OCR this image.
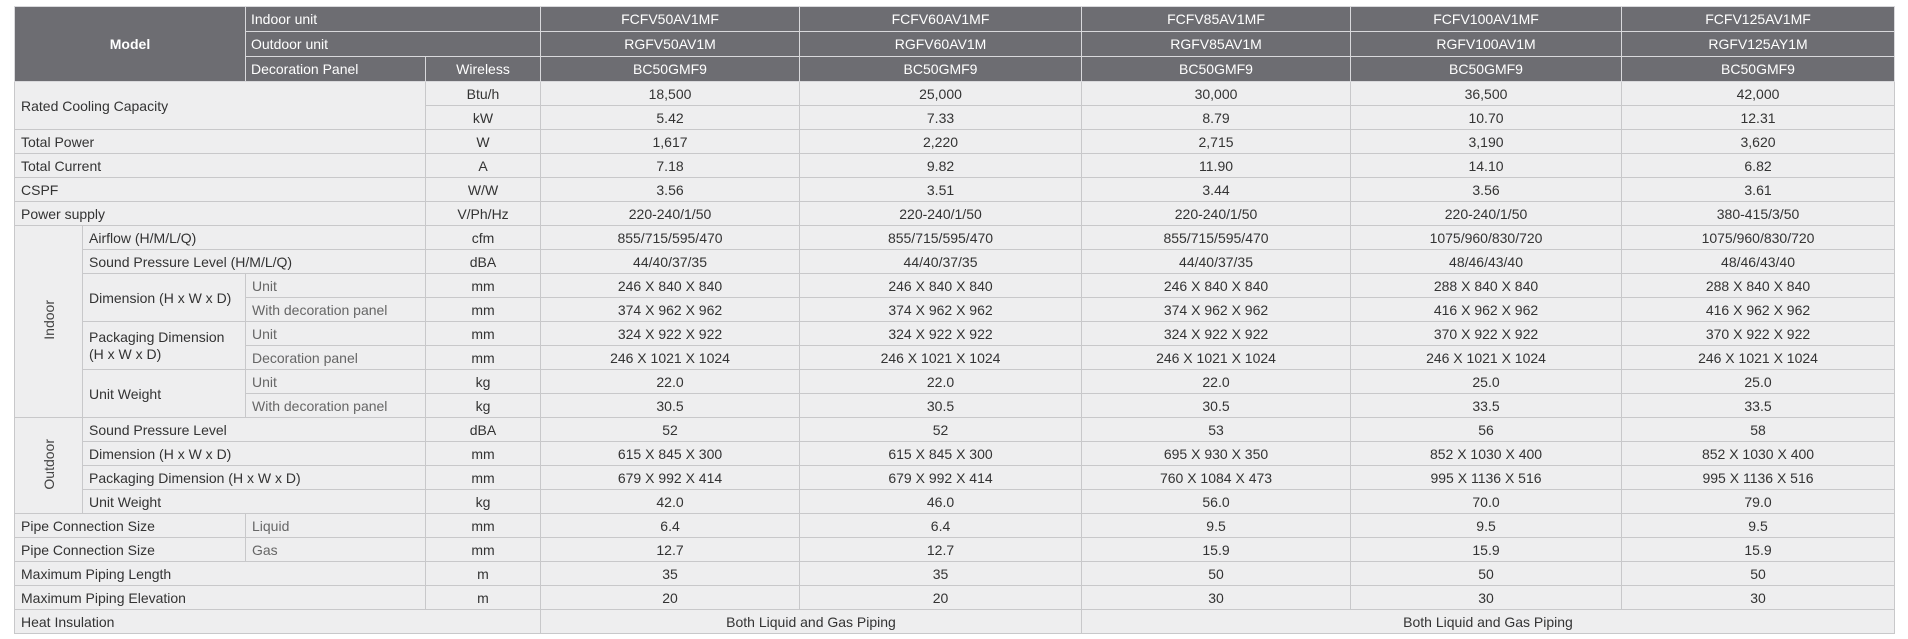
Model		Indoor unit		FCFV50AV1MF	FCFV60AV1MF	FCFV85AV1MF	FCFV100AV1MF	FCFV125AV1MF
		Outdoor unit		RGFV50AV1M	RGFV60AV1M	RGFV85AV1M	RGFV100AV1M	RGFV125AY1M
		Decoration Panel	Wireless	BC50GMF9	BC50GMF9	BC50GMF9	BC50GMF9	BC50GMF9
Rated Cooling Capacity			Btu/h	18,500	25,000	30,000	36,500	42,000
			kW	5.42	7.33	8.79	10.70	12.31
Total Power			W	1,617	2,220	2,715	3,190	3,620
Total Current			A	7.18	9.82	11.90	14.10	6.82
CSPF			W/W	3.56	3.51	3.44	3.56	3.61
Power supply			V/Ph/Hz	220-240/1/50	220-240/1/50	220-240/1/50	220-240/1/50	380-415/3/50
Indoor	Airflow (H/M/L/Q)		cfm	855/715/595/470	855/715/595/470	855/715/595/470	1075/960/830/720	1075/960/830/720
	Sound Pressure Level (H/M/L/Q)		dBA	44/40/37/35	44/40/37/35	44/40/37/35	48/46/43/40	48/46/43/40
	Dimension (H x W x D)	Unit	mm	246 X 840 X 840	246 X 840 X 840	246 X 840 X 840	288 X 840 X 840	288 X 840 X 840
		With decoration panel	mm	374 X 962 X 962	374 X 962 X 962	374 X 962 X 962	416 X 962 X 962	416 X 962 X 962
	Packaging Dimension (H x W x D)	Unit	mm	324 X 922 X 922	324 X 922 X 922	324 X 922 X 922	370 X 922 X 922	370 X 922 X 922
		Decoration panel	mm	246 X 1021 X 1024	246 X 1021 X 1024	246 X 1021 X 1024	246 X 1021 X 1024	246 X 1021 X 1024
	Unit Weight	Unit	kg	22.0	22.0	22.0	25.0	25.0
		With decoration panel	kg	30.5	30.5	30.5	33.5	33.5
Outdoor	Sound Pressure Level		dBA	52	52	53	56	58
	Dimension (H x W x D)		mm	615 X 845 X 300	615 X 845 X 300	695 X 930 X 350	852 X 1030 X 400	852 X 1030 X 400
	Packaging Dimension (H x W x D)		mm	679 X 992 X 414	679 X 992 X 414	760 X 1084 X 473	995 X 1136 X 516	995 X 1136 X 516
	Unit Weight		kg	42.0	46.0	56.0	70.0	79.0
Pipe Connection Size		Liquid	mm	6.4	6.4	9.5	9.5	9.5
Pipe Connection Size		Gas	mm	12.7	12.7	15.9	15.9	15.9
Maximum Piping Length			m	35	35	50	50	50
Maximum Piping Elevation			m	20	20	30	30	30
Heat Insulation				Both Liquid and Gas Piping		Both Liquid and Gas Piping		
